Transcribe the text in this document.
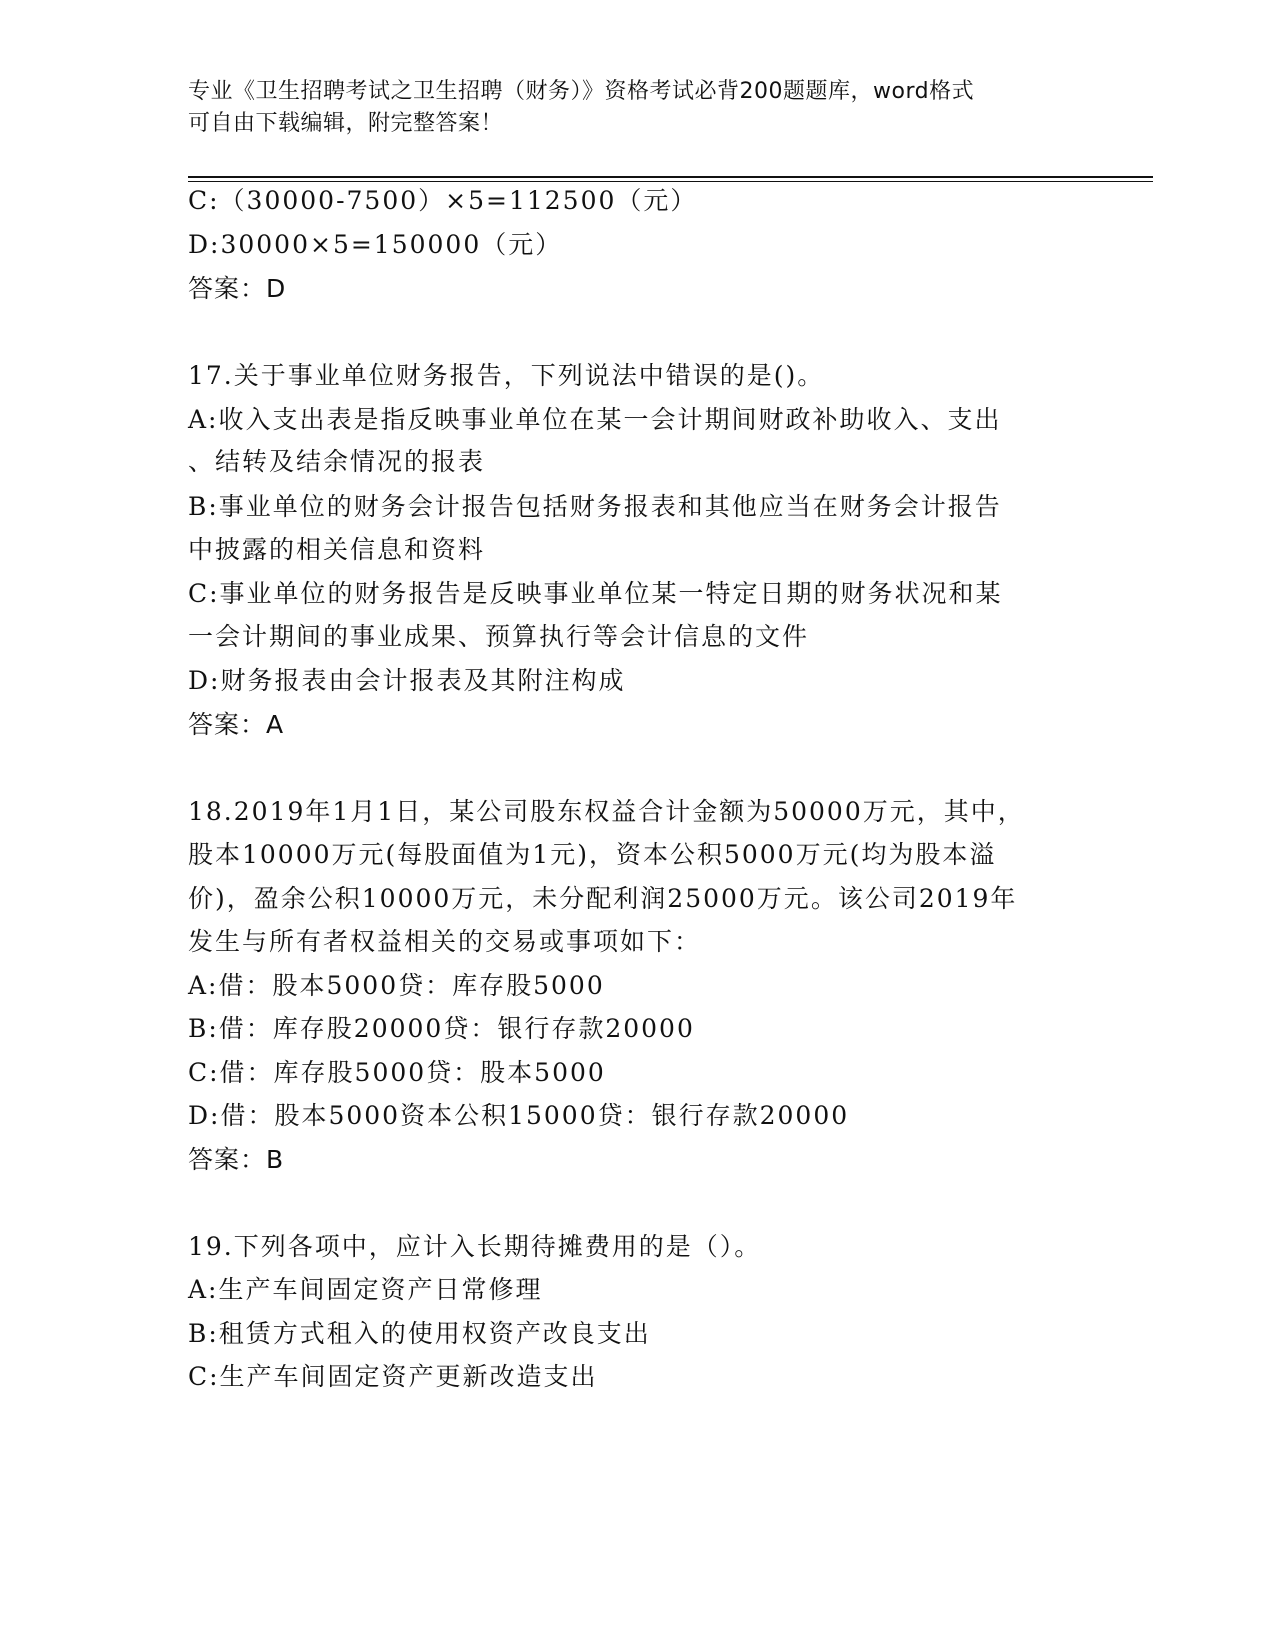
专业《卫生招聘考试之卫生招聘（财务）》资格考试必背200题题库，word格式
可自由下载编辑，附完整答案！
C:（30000-7500）×5=112500（元）
D:30000×5=150000（元）
答案：D
17.关于事业单位财务报告，下列说法中错误的是()。
A:收入支出表是指反映事业单位在某一会计期间财政补助收入、支出
、结转及结余情况的报表
B:事业单位的财务会计报告包括财务报表和其他应当在财务会计报告
中披露的相关信息和资料
C:事业单位的财务报告是反映事业单位某一特定日期的财务状况和某
一会计期间的事业成果、预算执行等会计信息的文件
D:财务报表由会计报表及其附注构成
答案：A
18.2019年1月1日，某公司股东权益合计金额为50000万元，其中，
股本10000万元(每股面值为1元)，资本公积5000万元(均为股本溢
价)，盈余公积10000万元，未分配利润25000万元。该公司2019年
发生与所有者权益相关的交易或事项如下：
A:借：股本5000贷：库存股5000
B:借：库存股20000贷：银行存款20000
C:借：库存股5000贷：股本5000
D:借：股本5000资本公积15000贷：银行存款20000
答案：B
19.下列各项中，应计入长期待摊费用的是（）。
A:生产车间固定资产日常修理
B:租赁方式租入的使用权资产改良支出
C:生产车间固定资产更新改造支出
